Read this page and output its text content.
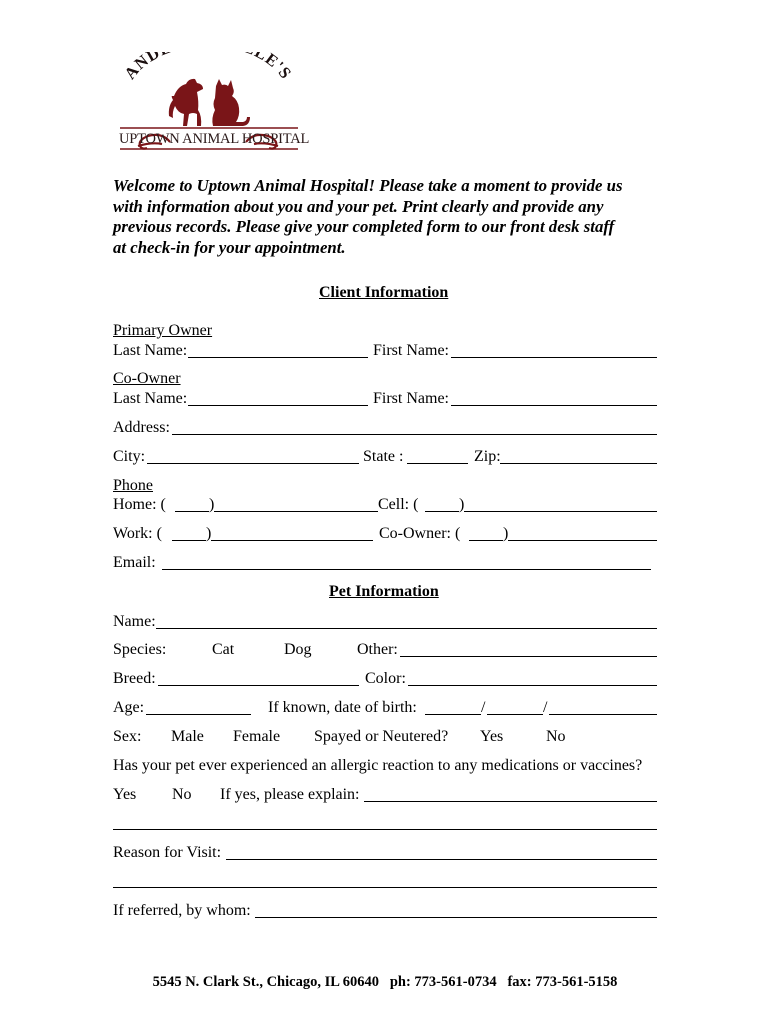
AND LE'S
UPTOWN ANIMAL HOSPITAL
Welcome to Uptown Animal Hospital! Please take a moment to provide us
with information about you and your pet. Print clearly and provide any
previous records. Please give your completed form to our front desk staff
at check-in for your appointment.
Client Information
Primary Owner
Last Name:	First Name:
Co-Owner
Last Name:	First Name:
Address:
City:	State :	Zip:
Phone
Home: (	)	Cell: (	)
Work: (	)	Co-Owner: (	)
Email:
Pet Information
Name:
Species:	Cat	Dog	Other:
Breed:	Color:
Age:	If known, date of birth:	/	/
Sex: Male Female Spayed or Neutered? Yes	No
Has your pet ever experienced an allergic reaction to any medications or vaccines?
Yes No If yes, please explain:
Reason for Visit:
If referred, by whom:
5545 N. Clark St., Chicago, IL 60640 ph: 773-561-0734 fax: 773-561-5158
